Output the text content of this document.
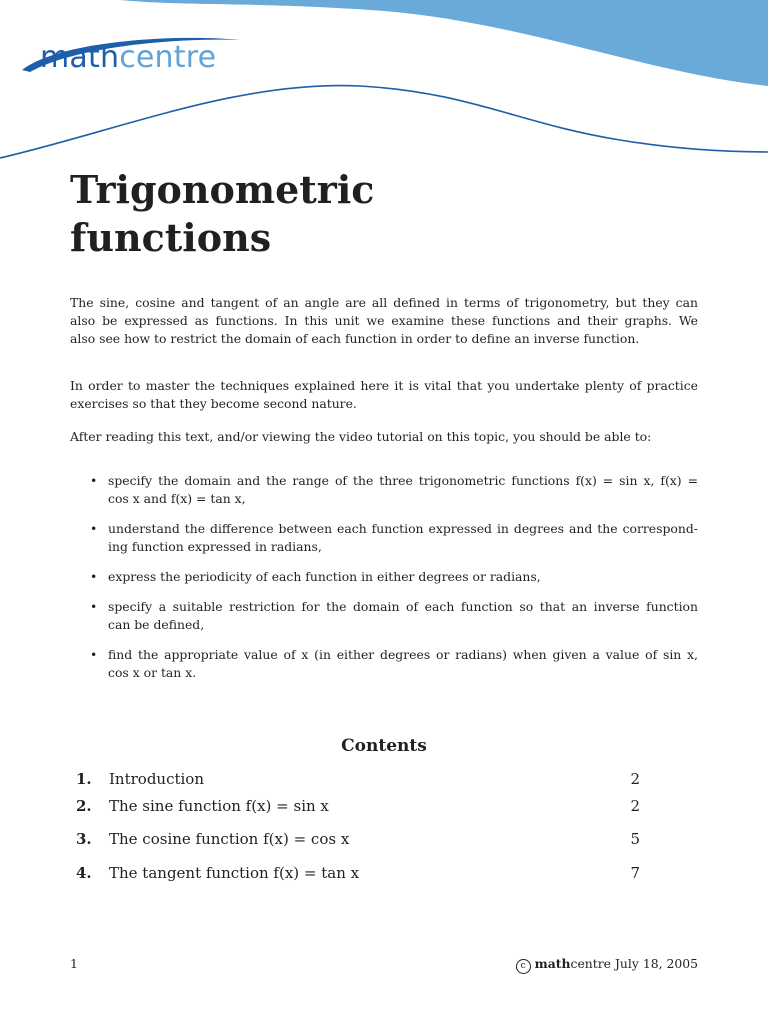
mathcentre
Trigonometric
functions

The sine, cosine and tangent of an angle are all defined in terms of trigonometry, but they can
also be expressed as functions. In this unit we examine these functions and their graphs. We
also see how to restrict the domain of each function in order to define an inverse function.

In order to master the techniques explained here it is vital that you undertake plenty of practice
exercises so that they become second nature.

After reading this text, and/or viewing the video tutorial on this topic, you should be able to:

• specify the domain and the range of the three trigonometric functions f(x) = sin x, f(x) =
cos x and f(x) = tan x,
• understand the difference between each function expressed in degrees and the correspond-
ing function expressed in radians,
• express the periodicity of each function in either degrees or radians,
• specify a suitable restriction for the domain of each function so that an inverse function
can be defined,
• find the appropriate value of x (in either degrees or radians) when given a value of sin x,
cos x or tan x.
Contents
1. Introduction	2
2. The sine function f(x) = sin x	2
3. The cosine function f(x) = cos x	5
4. The tangent function f(x) = tan x	7
1	c mathcentre July 18, 2005
